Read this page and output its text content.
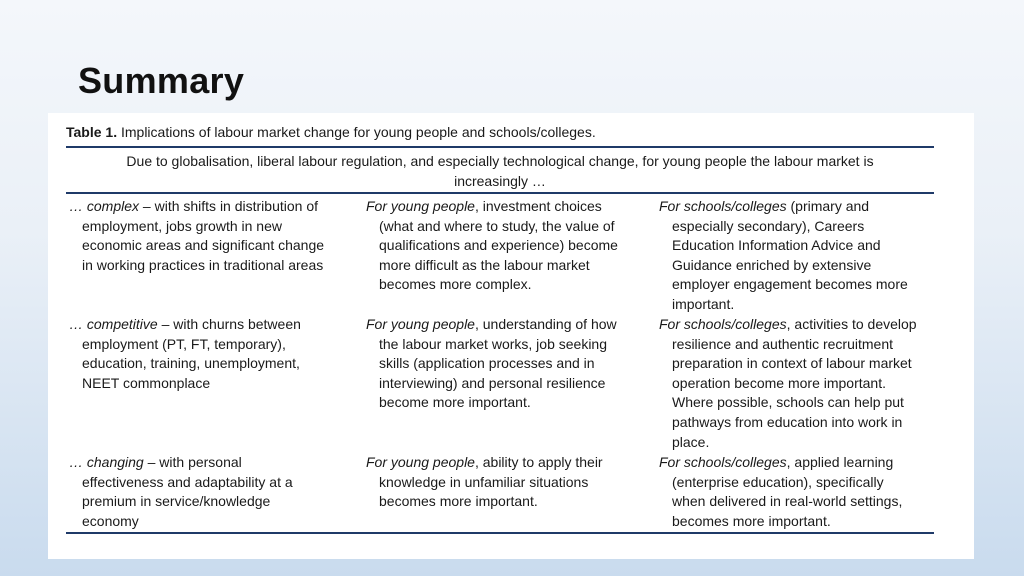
Summary
Table 1. Implications of labour market change for young people and schools/colleges.
Due to globalisation, liberal labour regulation, and especially technological change, for young people the labour market is
increasingly …
… complex – with shifts in distribution of
employment, jobs growth in new
economic areas and significant change
in working practices in traditional areas
For young people, investment choices
(what and where to study, the value of
qualifications and experience) become
more difficult as the labour market
becomes more complex.
For schools/colleges (primary and
especially secondary), Careers
Education Information Advice and
Guidance enriched by extensive
employer engagement becomes more
important.
… competitive – with churns between
employment (PT, FT, temporary),
education, training, unemployment,
NEET commonplace
For young people, understanding of how
the labour market works, job seeking
skills (application processes and in
interviewing) and personal resilience
become more important.
For schools/colleges, activities to develop
resilience and authentic recruitment
preparation in context of labour market
operation become more important.
Where possible, schools can help put
pathways from education into work in
place.
… changing – with personal
effectiveness and adaptability at a
premium in service/knowledge
economy
For young people, ability to apply their
knowledge in unfamiliar situations
becomes more important.
For schools/colleges, applied learning
(enterprise education), specifically
when delivered in real-world settings,
becomes more important.
